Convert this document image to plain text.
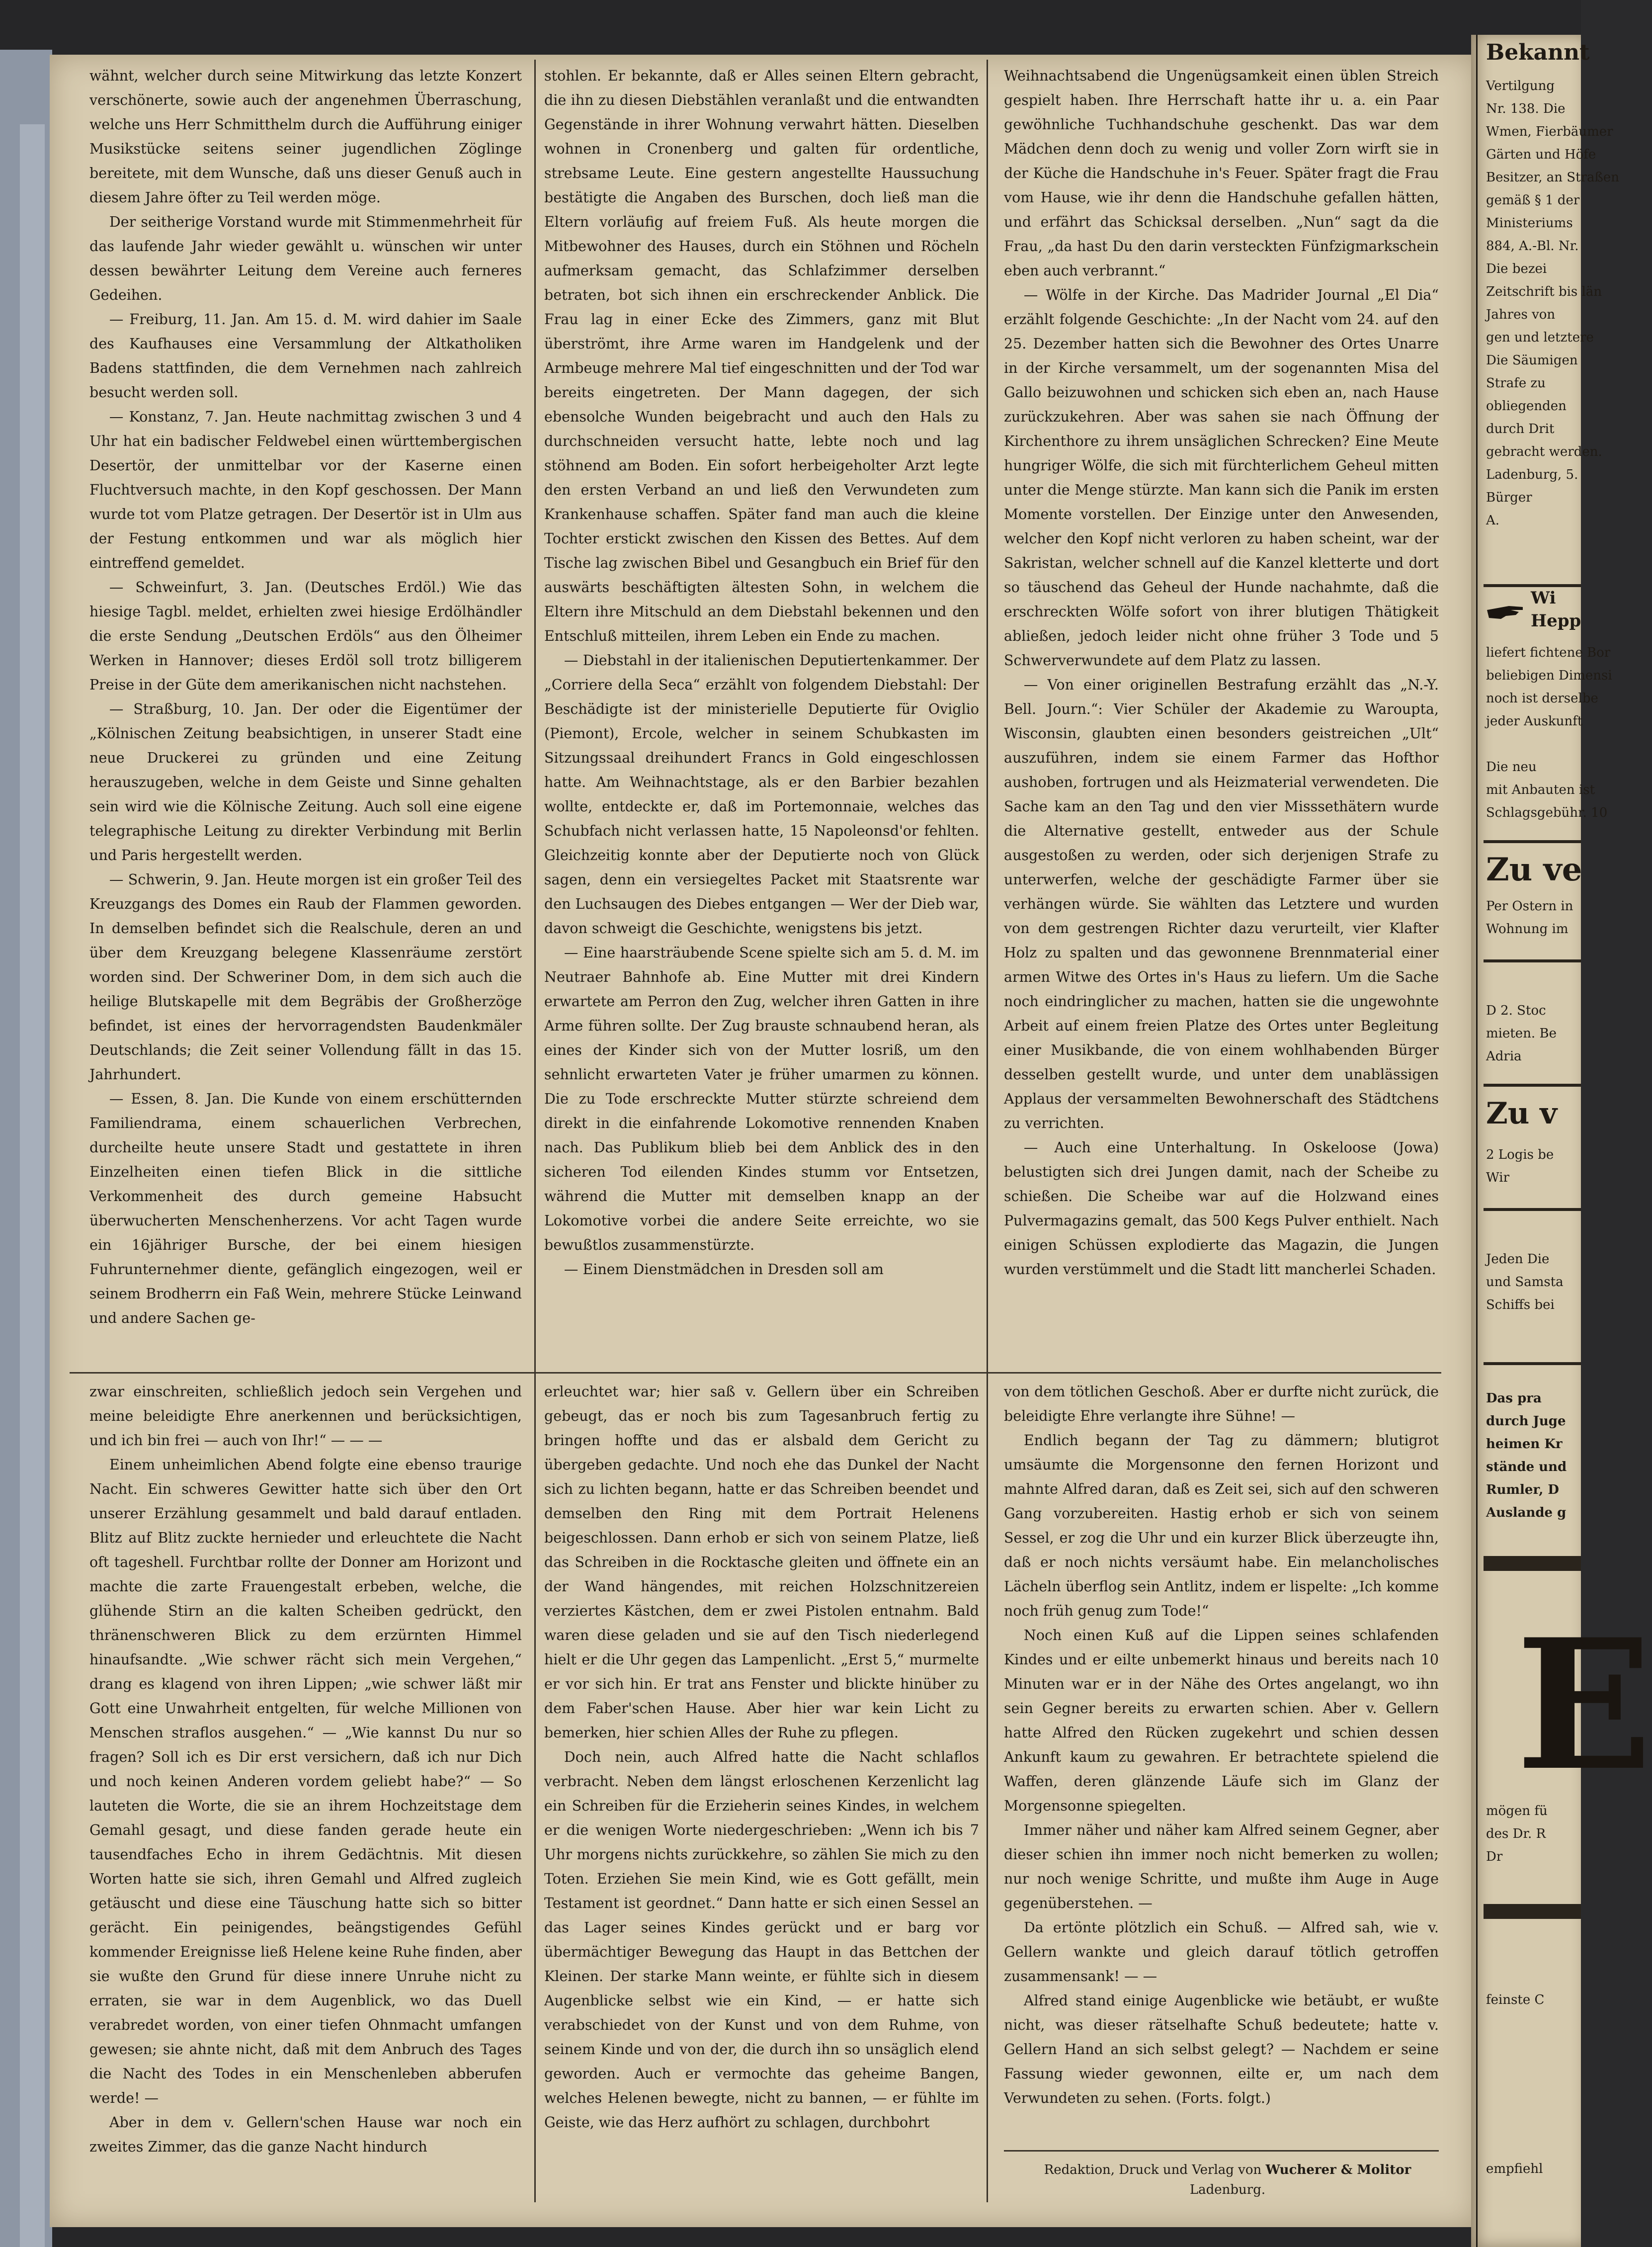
wähnt, welcher durch seine Mitwirkung das letzte Konzert verschönerte, sowie auch der angenehmen Überraschung, welche uns Herr Schmitthelm durch die Aufführung einiger Musikstücke seitens seiner jugendlichen Zöglinge bereitete, mit dem Wunsche, daß uns dieser Genuß auch in diesem Jahre öfter zu Teil werden möge.

Der seitherige Vorstand wurde mit Stimmenmehrheit für das laufende Jahr wieder gewählt u. wünschen wir unter dessen bewährter Leitung dem Vereine auch ferneres Gedeihen.

— Freiburg, 11. Jan. Am 15. d. M. wird dahier im Saale des Kaufhauses eine Versammlung der Altkatholiken Badens stattfinden, die dem Vernehmen nach zahlreich besucht werden soll.

— Konstanz, 7. Jan. Heute nachmittag zwischen 3 und 4 Uhr hat ein badischer Feldwebel einen württembergischen Desertör, der unmittelbar vor der Kaserne einen Fluchtversuch machte, in den Kopf geschossen. Der Mann wurde tot vom Platze getragen. Der Desertör ist in Ulm aus der Festung entkommen und war als möglich hier eintreffend gemeldet.

— Schweinfurt, 3. Jan. (Deutsches Erdöl.) Wie das hiesige Tagbl. meldet, erhielten zwei hiesige Erdölhändler die erste Sendung „Deutschen Erdöls“ aus den Ölheimer Werken in Hannover; dieses Erdöl soll trotz billigerem Preise in der Güte dem amerikanischen nicht nachstehen.

— Straßburg, 10. Jan. Der oder die Eigentümer der „Kölnischen Zeitung beabsichtigen, in unserer Stadt eine neue Druckerei zu gründen und eine Zeitung herauszugeben, welche in dem Geiste und Sinne gehalten sein wird wie die Kölnische Zeitung. Auch soll eine eigene telegraphische Leitung zu direkter Verbindung mit Berlin und Paris hergestellt werden.

— Schwerin, 9. Jan. Heute morgen ist ein großer Teil des Kreuzgangs des Domes ein Raub der Flammen geworden. In demselben befindet sich die Realschule, deren an und über dem Kreuzgang belegene Klassenräume zerstört worden sind. Der Schweriner Dom, in dem sich auch die heilige Blutskapelle mit dem Begräbis der Großherzöge befindet, ist eines der hervorragendsten Baudenkmäler Deutschlands; die Zeit seiner Vollendung fällt in das 15. Jahrhundert.

— Essen, 8. Jan. Die Kunde von einem erschütternden Familiendrama, einem schauerlichen Verbrechen, durcheilte heute unsere Stadt und gestattete in ihren Einzelheiten einen tiefen Blick in die sittliche Verkommenheit des durch gemeine Habsucht überwucherten Menschenherzens. Vor acht Tagen wurde ein 16jähriger Bursche, der bei einem hiesigen Fuhrunternehmer diente, gefänglich eingezogen, weil er seinem Brodherrn ein Faß Wein, mehrere Stücke Leinwand und andere Sachen ge-

stohlen. Er bekannte, daß er Alles seinen Eltern gebracht, die ihn zu diesen Diebstählen veranlaßt und die entwandten Gegenstände in ihrer Wohnung verwahrt hätten. Dieselben wohnen in Cronenberg und galten für ordentliche, strebsame Leute. Eine gestern angestellte Haussuchung bestätigte die Angaben des Burschen, doch ließ man die Eltern vorläufig auf freiem Fuß. Als heute morgen die Mitbewohner des Hauses, durch ein Stöhnen und Röcheln aufmerksam gemacht, das Schlafzimmer derselben betraten, bot sich ihnen ein erschreckender Anblick. Die Frau lag in einer Ecke des Zimmers, ganz mit Blut überströmt, ihre Arme waren im Handgelenk und der Armbeuge mehrere Mal tief eingeschnitten und der Tod war bereits eingetreten. Der Mann dagegen, der sich ebensolche Wunden beigebracht und auch den Hals zu durchschneiden versucht hatte, lebte noch und lag stöhnend am Boden. Ein sofort herbeigeholter Arzt legte den ersten Verband an und ließ den Verwundeten zum Krankenhause schaffen. Später fand man auch die kleine Tochter erstickt zwischen den Kissen des Bettes. Auf dem Tische lag zwischen Bibel und Gesangbuch ein Brief für den auswärts beschäftigten ältesten Sohn, in welchem die Eltern ihre Mitschuld an dem Diebstahl bekennen und den Entschluß mitteilen, ihrem Leben ein Ende zu machen.

— Diebstahl in der italienischen Deputiertenkammer. Der „Corriere della Seca“ erzählt von folgendem Diebstahl: Der Beschädigte ist der ministerielle Deputierte für Oviglio (Piemont), Ercole, welcher in seinem Schubkasten im Sitzungssaal dreihundert Francs in Gold eingeschlossen hatte. Am Weihnachtstage, als er den Barbier bezahlen wollte, entdeckte er, daß im Portemonnaie, welches das Schubfach nicht verlassen hatte, 15 Napoleonsd'or fehlten. Gleichzeitig konnte aber der Deputierte noch von Glück sagen, denn ein versiegeltes Packet mit Staatsrente war den Luchsaugen des Diebes entgangen — Wer der Dieb war, davon schweigt die Geschichte, wenigstens bis jetzt.

— Eine haarsträubende Scene spielte sich am 5. d. M. im Neutraer Bahnhofe ab. Eine Mutter mit drei Kindern erwartete am Perron den Zug, welcher ihren Gatten in ihre Arme führen sollte. Der Zug brauste schnaubend heran, als eines der Kinder sich von der Mutter losriß, um den sehnlicht erwarteten Vater je früher umarmen zu können. Die zu Tode erschreckte Mutter stürzte schreiend dem direkt in die einfahrende Lokomotive rennenden Knaben nach. Das Publikum blieb bei dem Anblick des in den sicheren Tod eilenden Kindes stumm vor Entsetzen, während die Mutter mit demselben knapp an der Lokomotive vorbei die andere Seite erreichte, wo sie bewußtlos zusammenstürzte.

— Einem Dienstmädchen in Dresden soll am

Weihnachtsabend die Ungenügsamkeit einen üblen Streich gespielt haben. Ihre Herrschaft hatte ihr u. a. ein Paar gewöhnliche Tuchhandschuhe geschenkt. Das war dem Mädchen denn doch zu wenig und voller Zorn wirft sie in der Küche die Handschuhe in's Feuer. Später fragt die Frau vom Hause, wie ihr denn die Handschuhe gefallen hätten, und erfährt das Schicksal derselben. „Nun“ sagt da die Frau, „da hast Du den darin versteckten Fünfzigmarkschein eben auch verbrannt.“

— Wölfe in der Kirche. Das Madrider Journal „El Dia“ erzählt folgende Geschichte: „In der Nacht vom 24. auf den 25. Dezember hatten sich die Bewohner des Ortes Unarre in der Kirche versammelt, um der sogenannten Misa del Gallo beizuwohnen und schicken sich eben an, nach Hause zurückzukehren. Aber was sahen sie nach Öffnung der Kirchenthore zu ihrem unsäglichen Schrecken? Eine Meute hungriger Wölfe, die sich mit fürchterlichem Geheul mitten unter die Menge stürzte. Man kann sich die Panik im ersten Momente vorstellen. Der Einzige unter den Anwesenden, welcher den Kopf nicht verloren zu haben scheint, war der Sakristan, welcher schnell auf die Kanzel kletterte und dort so täuschend das Geheul der Hunde nachahmte, daß die erschreckten Wölfe sofort von ihrer blutigen Thätigkeit abließen, jedoch leider nicht ohne früher 3 Tode und 5 Schwerverwundete auf dem Platz zu lassen.

— Von einer originellen Bestrafung erzählt das „N.-Y. Bell. Journ.“: Vier Schüler der Akademie zu Waroupta, Wisconsin, glaubten einen besonders geistreichen „Ult“ auszuführen, indem sie einem Farmer das Hofthor aushoben, fortrugen und als Heizmaterial verwendeten. Die Sache kam an den Tag und den vier Misssethätern wurde die Alternative gestellt, entweder aus der Schule ausgestoßen zu werden, oder sich derjenigen Strafe zu unterwerfen, welche der geschädigte Farmer über sie verhängen würde. Sie wählten das Letztere und wurden von dem gestrengen Richter dazu verurteilt, vier Klafter Holz zu spalten und das gewonnene Brennmaterial einer armen Witwe des Ortes in's Haus zu liefern. Um die Sache noch eindringlicher zu machen, hatten sie die ungewohnte Arbeit auf einem freien Platze des Ortes unter Begleitung einer Musikbande, die von einem wohlhabenden Bürger desselben gestellt wurde, und unter dem unablässigen Applaus der versammelten Bewohnerschaft des Städtchens zu verrichten.

— Auch eine Unterhaltung. In Oskeloose (Jowa) belustigten sich drei Jungen damit, nach der Scheibe zu schießen. Die Scheibe war auf die Holzwand eines Pulvermagazins gemalt, das 500 Kegs Pulver enthielt. Nach einigen Schüssen explodierte das Magazin, die Jungen wurden verstümmelt und die Stadt litt mancherlei Schaden.

zwar einschreiten, schließlich jedoch sein Vergehen und meine beleidigte Ehre anerkennen und berücksichtigen, und ich bin frei — auch von Ihr!“ — — —

Einem unheimlichen Abend folgte eine ebenso traurige Nacht. Ein schweres Gewitter hatte sich über den Ort unserer Erzählung gesammelt und bald darauf entladen. Blitz auf Blitz zuckte hernieder und erleuchtete die Nacht oft tageshell. Furchtbar rollte der Donner am Horizont und machte die zarte Frauengestalt erbeben, welche, die glühende Stirn an die kalten Scheiben gedrückt, den thränenschweren Blick zu dem erzürnten Himmel hinaufsandte. „Wie schwer rächt sich mein Vergehen,“ drang es klagend von ihren Lippen; „wie schwer läßt mir Gott eine Unwahrheit entgelten, für welche Millionen von Menschen straflos ausgehen.“ — „Wie kannst Du nur so fragen? Soll ich es Dir erst versichern, daß ich nur Dich und noch keinen Anderen vordem geliebt habe?“ — So lauteten die Worte, die sie an ihrem Hochzeitstage dem Gemahl gesagt, und diese fanden gerade heute ein tausendfaches Echo in ihrem Gedächtnis. Mit diesen Worten hatte sie sich, ihren Gemahl und Alfred zugleich getäuscht und diese eine Täuschung hatte sich so bitter gerächt. Ein peinigendes, beängstigendes Gefühl kommender Ereignisse ließ Helene keine Ruhe finden, aber sie wußte den Grund für diese innere Unruhe nicht zu erraten, sie war in dem Augenblick, wo das Duell verabredet worden, von einer tiefen Ohnmacht umfangen gewesen; sie ahnte nicht, daß mit dem Anbruch des Tages die Nacht des Todes in ein Menschenleben abberufen werde! —

Aber in dem v. Gellern'schen Hause war noch ein zweites Zimmer, das die ganze Nacht hindurch

erleuchtet war; hier saß v. Gellern über ein Schreiben gebeugt, das er noch bis zum Tagesanbruch fertig zu bringen hoffte und das er alsbald dem Gericht zu übergeben gedachte. Und noch ehe das Dunkel der Nacht sich zu lichten begann, hatte er das Schreiben beendet und demselben den Ring mit dem Portrait Helenens beigeschlossen. Dann erhob er sich von seinem Platze, ließ das Schreiben in die Rocktasche gleiten und öffnete ein an der Wand hängendes, mit reichen Holzschnitzereien verziertes Kästchen, dem er zwei Pistolen entnahm. Bald waren diese geladen und sie auf den Tisch niederlegend hielt er die Uhr gegen das Lampenlicht. „Erst 5,“ murmelte er vor sich hin. Er trat ans Fenster und blickte hinüber zu dem Faber'schen Hause. Aber hier war kein Licht zu bemerken, hier schien Alles der Ruhe zu pflegen.

Doch nein, auch Alfred hatte die Nacht schlaflos verbracht. Neben dem längst erloschenen Kerzenlicht lag ein Schreiben für die Erzieherin seines Kindes, in welchem er die wenigen Worte niedergeschrieben: „Wenn ich bis 7 Uhr morgens nichts zurückkehre, so zählen Sie mich zu den Toten. Erziehen Sie mein Kind, wie es Gott gefällt, mein Testament ist geordnet.“ Dann hatte er sich einen Sessel an das Lager seines Kindes gerückt und er barg vor übermächtiger Bewegung das Haupt in das Bettchen der Kleinen. Der starke Mann weinte, er fühlte sich in diesem Augenblicke selbst wie ein Kind, — er hatte sich verabschiedet von der Kunst und von dem Ruhme, von seinem Kinde und von der, die durch ihn so unsäglich elend geworden. Auch er vermochte das geheime Bangen, welches Helenen bewegte, nicht zu bannen, — er fühlte im Geiste, wie das Herz aufhört zu schlagen, durchbohrt

von dem tötlichen Geschoß. Aber er durfte nicht zurück, die beleidigte Ehre verlangte ihre Sühne! —

Endlich begann der Tag zu dämmern; blutigrot umsäumte die Morgensonne den fernen Horizont und mahnte Alfred daran, daß es Zeit sei, sich auf den schweren Gang vorzubereiten. Hastig erhob er sich von seinem Sessel, er zog die Uhr und ein kurzer Blick überzeugte ihn, daß er noch nichts versäumt habe. Ein melancholisches Lächeln überflog sein Antlitz, indem er lispelte: „Ich komme noch früh genug zum Tode!“

Noch einen Kuß auf die Lippen seines schlafenden Kindes und er eilte unbemerkt hinaus und bereits nach 10 Minuten war er in der Nähe des Ortes angelangt, wo ihn sein Gegner bereits zu erwarten schien. Aber v. Gellern hatte Alfred den Rücken zugekehrt und schien dessen Ankunft kaum zu gewahren. Er betrachtete spielend die Waffen, deren glänzende Läufe sich im Glanz der Morgensonne spiegelten.

Immer näher und näher kam Alfred seinem Gegner, aber dieser schien ihn immer noch nicht bemerken zu wollen; nur noch wenige Schritte, und mußte ihm Auge in Auge gegenüberstehen. —

Da ertönte plötzlich ein Schuß. — Alfred sah, wie v. Gellern wankte und gleich darauf tötlich getroffen zusammensank! — —

Alfred stand einige Augenblicke wie betäubt, er wußte nicht, was dieser rätselhafte Schuß bedeutete; hatte v. Gellern Hand an sich selbst gelegt? — Nachdem er seine Fassung wieder gewonnen, eilte er, um nach dem Verwundeten zu sehen. (Forts. folgt.)

Redaktion, Druck und Verlag von Wucherer & Molitor
Ladenburg.
Bekannt
Vertilgung
Nr. 138. Die
Wmen, Fierbäumer
Gärten und Höfe
Besitzer, an Straßen
gemäß § 1 der
Ministeriums
884, A.-Bl. Nr.
Die bezei
Zeitschrift bis län
Jahres von
gen und letztere
Die Säumigen
Strafe zu
obliegenden
durch Drit
gebracht werden.
Ladenburg, 5.
Bürger
A.
Wi
Hepp
liefert fichtene Bor
beliebigen Dimensi
noch ist derselbe
jeder Auskunft
Die neu
mit Anbauten ist
Schlagsgebühr. 10
Zu ve
Per Ostern in
Wohnung im
D 2. Stoc
mieten. Be
Adria
Zu v
2 Logis be
Wir
Jeden Die
und Samsta
Schiffs bei
Das pra
durch Juge
heimen Kr
stände und
Rumler, D
Auslande g
E
mögen fü
des Dr. R
Dr
feinste C
empfiehl
